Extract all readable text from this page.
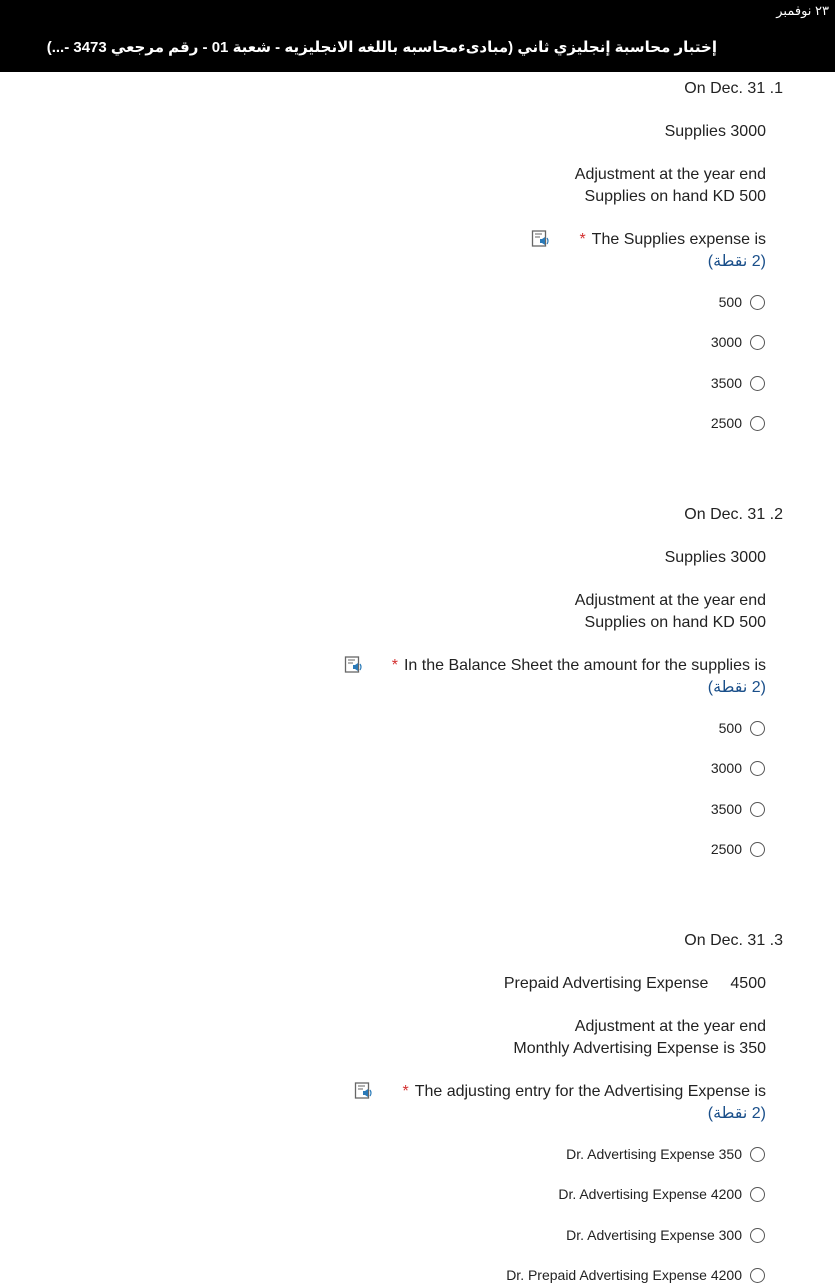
٢٣ نوفمبر
إختبار محاسبة إنجليزي ثاني (مبادىءمحاسبه باللغه الانجليزيه - شعبة 01 - رقم مرجعي 3473 -...)
On Dec. 31 .1
Supplies 3000
Adjustment at the year end
Supplies on hand KD 500
* The Supplies expense is
(2 نقطة)
500
3000
3500
2500
On Dec. 31 .2
Supplies 3000
Adjustment at the year end
Supplies on hand KD 500
* In the Balance Sheet the amount for the supplies is
(2 نقطة)
500
3000
3500
2500
On Dec. 31 .3
Prepaid Advertising Expense 4500
Adjustment at the year end
Monthly Advertising Expense is 350
* The adjusting entry for the Advertising Expense is
(2 نقطة)
Dr. Advertising Expense 350
Dr. Advertising Expense 4200
Dr. Advertising Expense 300
Dr. Prepaid Advertising Expense 4200
